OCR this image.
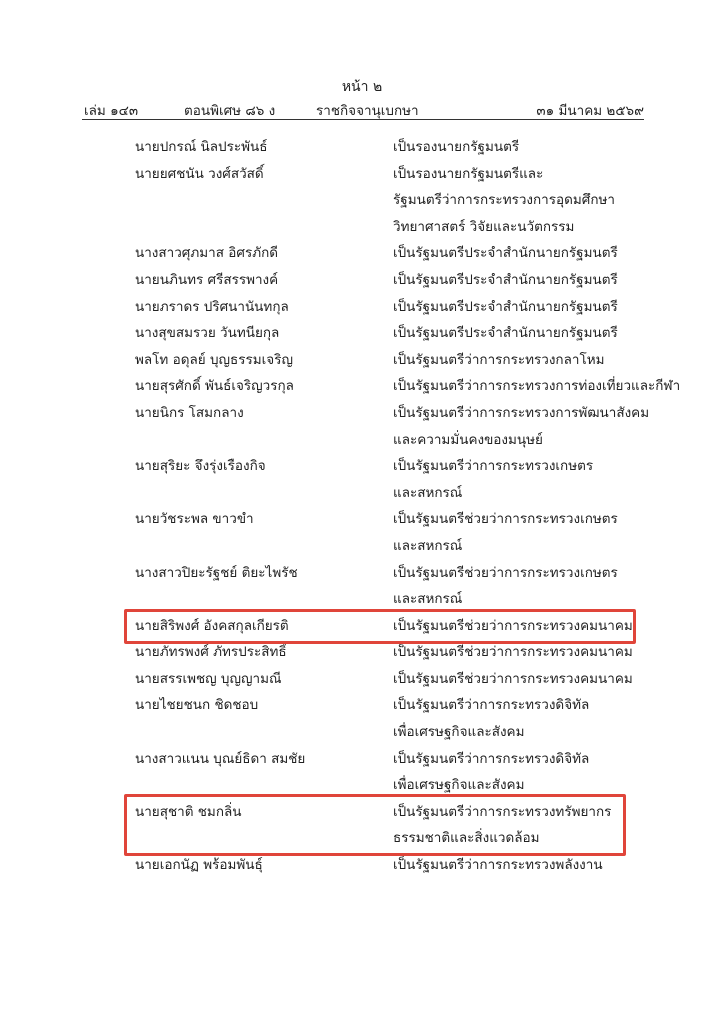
หน้า ๒
เล่ม ๑๔๓	ตอนพิเศษ ๘๖ ง	ราชกิจจานุเบกษา	๓๑ มีนาคม ๒๕๖๙
นายปกรณ์ นิลประพันธ์	เป็นรองนายกรัฐมนตรี
นายยศชนัน วงศ์สวัสดิ์	เป็นรองนายกรัฐมนตรีและ
รัฐมนตรีว่าการกระทรวงการอุดมศึกษา
วิทยาศาสตร์ วิจัยและนวัตกรรม
นางสาวศุภมาส อิศรภักดี	เป็นรัฐมนตรีประจำสำนักนายกรัฐมนตรี
นายนภินทร ศรีสรรพางค์	เป็นรัฐมนตรีประจำสำนักนายกรัฐมนตรี
นายภราดร ปริศนานันทกุล	เป็นรัฐมนตรีประจำสำนักนายกรัฐมนตรี
นางสุขสมรวย วันทนียกุล	เป็นรัฐมนตรีประจำสำนักนายกรัฐมนตรี
พลโท อดุลย์ บุญธรรมเจริญ	เป็นรัฐมนตรีว่าการกระทรวงกลาโหม
นายสุรศักดิ์ พันธ์เจริญวรกุล	เป็นรัฐมนตรีว่าการกระทรวงการท่องเที่ยวและกีฬา
นายนิกร โสมกลาง	เป็นรัฐมนตรีว่าการกระทรวงการพัฒนาสังคม
และความมั่นคงของมนุษย์
นายสุริยะ จึงรุ่งเรืองกิจ	เป็นรัฐมนตรีว่าการกระทรวงเกษตร
และสหกรณ์
นายวัชระพล ขาวขำ	เป็นรัฐมนตรีช่วยว่าการกระทรวงเกษตร
และสหกรณ์
นางสาวปิยะรัฐชย์ ติยะไพรัช	เป็นรัฐมนตรีช่วยว่าการกระทรวงเกษตร
และสหกรณ์
นายสิริพงศ์ อังคสกุลเกียรติ	เป็นรัฐมนตรีช่วยว่าการกระทรวงคมนาคม
นายภัทรพงศ์ ภัทรประสิทธิ์	เป็นรัฐมนตรีช่วยว่าการกระทรวงคมนาคม
นายสรรเพชญ บุญญามณี	เป็นรัฐมนตรีช่วยว่าการกระทรวงคมนาคม
นายไชยชนก ชิดชอบ	เป็นรัฐมนตรีว่าการกระทรวงดิจิทัล
เพื่อเศรษฐกิจและสังคม
นางสาวแนน บุณย์ธิดา สมชัย	เป็นรัฐมนตรีว่าการกระทรวงดิจิทัล
เพื่อเศรษฐกิจและสังคม
นายสุชาติ ชมกลิ่น	เป็นรัฐมนตรีว่าการกระทรวงทรัพยากร
ธรรมชาติและสิ่งแวดล้อม
นายเอกนัฏ พร้อมพันธุ์	เป็นรัฐมนตรีว่าการกระทรวงพลังงาน
